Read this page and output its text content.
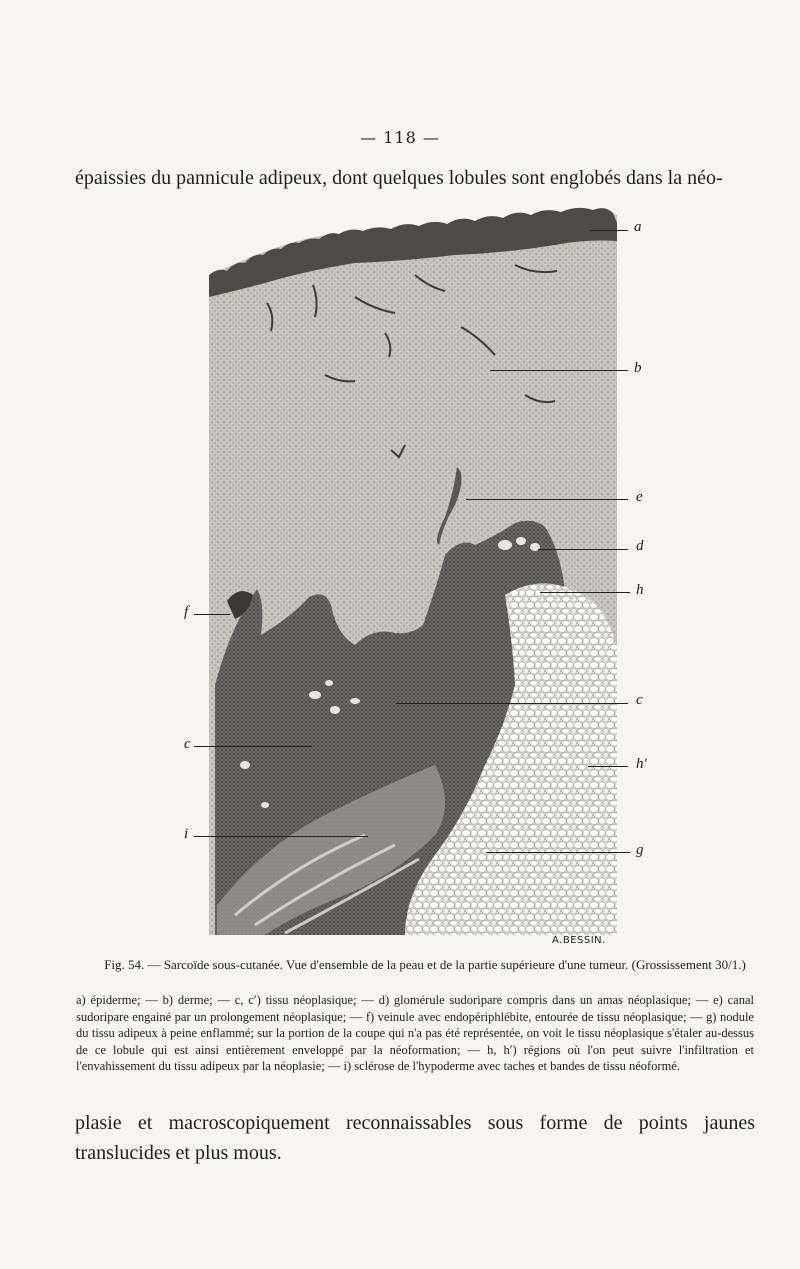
— 118 —
épaissies du pannicule adipeux, dont quelques lobules sont englobés dans la néo-
a
b
e
d
h
f
c
c
h′
i
g
A.BESSIN.
Fig. 54. — Sarcoïde sous-cutanée. Vue d'ensemble de la peau et de la partie supérieure d'une tumeur. (Grossissement 30/1.)
a) épiderme; — b) derme; — c, c′) tissu néoplasique; — d) glomérule sudoripare compris dans un amas néoplasique; — e) canal sudoripare engainé par un prolongement néoplasique; — f) veinule avec endopériphlébite, entourée de tissu néoplasique; — g) nodule du tissu adipeux à peine enflammé; sur la portion de la coupe qui n'a pas été représentée, on voit le tissu néoplasique s'étaler au-dessus de ce lobule qui est ainsi entièrement enveloppé par la néoformation; — h, h′) régions où l'on peut suivre l'infiltration et l'envahissement du tissu adipeux par la néoplasie; — i) sclérose de l'hypoderme avec taches et bandes de tissu néoformé.
plasie et macroscopiquement reconnaissables sous forme de points jaunes translucides et plus mous.
